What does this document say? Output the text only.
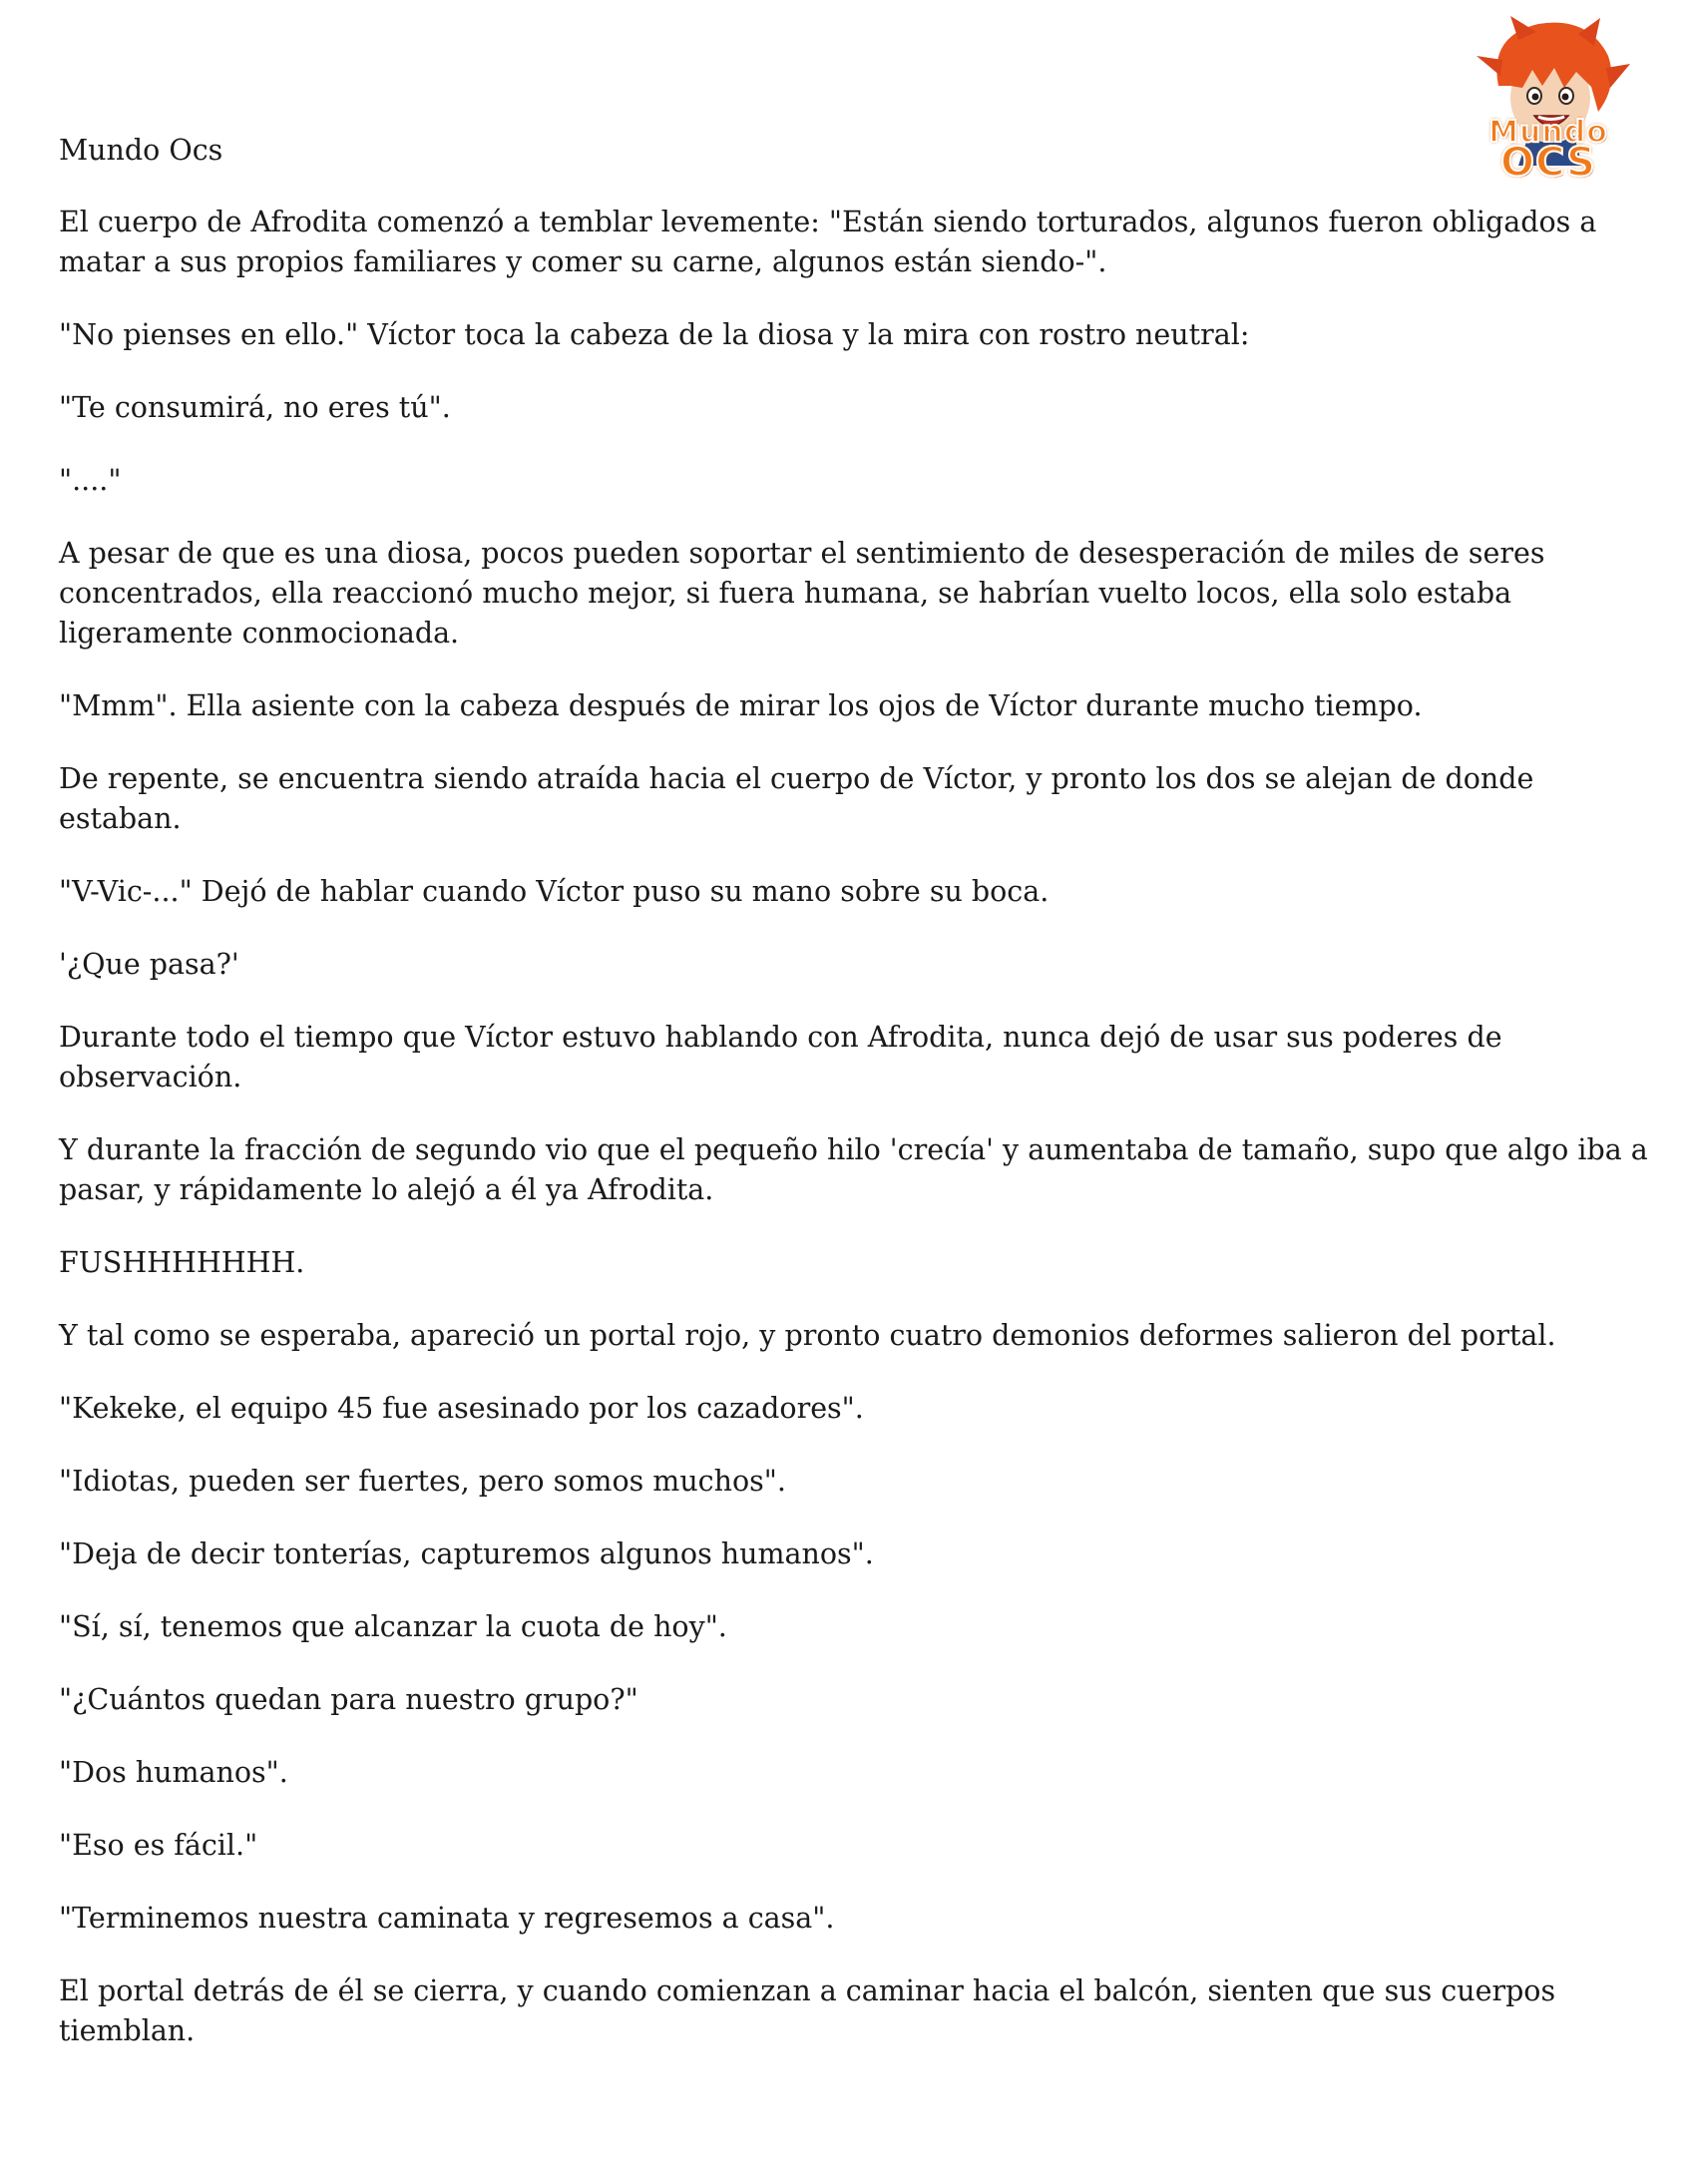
Mundo
OCS

Mundo Ocs

El cuerpo de Afrodita comenzó a temblar levemente: "Están siendo torturados, algunos fueron obligados a matar a sus propios familiares y comer su carne, algunos están siendo-".

"No pienses en ello." Víctor toca la cabeza de la diosa y la mira con rostro neutral:

"Te consumirá, no eres tú".

"...."

A pesar de que es una diosa, pocos pueden soportar el sentimiento de desesperación de miles de seres concentrados, ella reaccionó mucho mejor, si fuera humana, se habrían vuelto locos, ella solo estaba ligeramente conmocionada.

"Mmm". Ella asiente con la cabeza después de mirar los ojos de Víctor durante mucho tiempo.

De repente, se encuentra siendo atraída hacia el cuerpo de Víctor, y pronto los dos se alejan de donde estaban.

"V-Vic-..." Dejó de hablar cuando Víctor puso su mano sobre su boca.

'¿Que pasa?'

Durante todo el tiempo que Víctor estuvo hablando con Afrodita, nunca dejó de usar sus poderes de observación.

Y durante la fracción de segundo vio que el pequeño hilo 'crecía' y aumentaba de tamaño, supo que algo iba a pasar, y rápidamente lo alejó a él ya Afrodita.

FUSHHHHHHH.

Y tal como se esperaba, apareció un portal rojo, y pronto cuatro demonios deformes salieron del portal.

"Kekeke, el equipo 45 fue asesinado por los cazadores".

"Idiotas, pueden ser fuertes, pero somos muchos".

"Deja de decir tonterías, capturemos algunos humanos".

"Sí, sí, tenemos que alcanzar la cuota de hoy".

"¿Cuántos quedan para nuestro grupo?"

"Dos humanos".

"Eso es fácil."

"Terminemos nuestra caminata y regresemos a casa".

El portal detrás de él se cierra, y cuando comienzan a caminar hacia el balcón, sienten que sus cuerpos tiemblan.
